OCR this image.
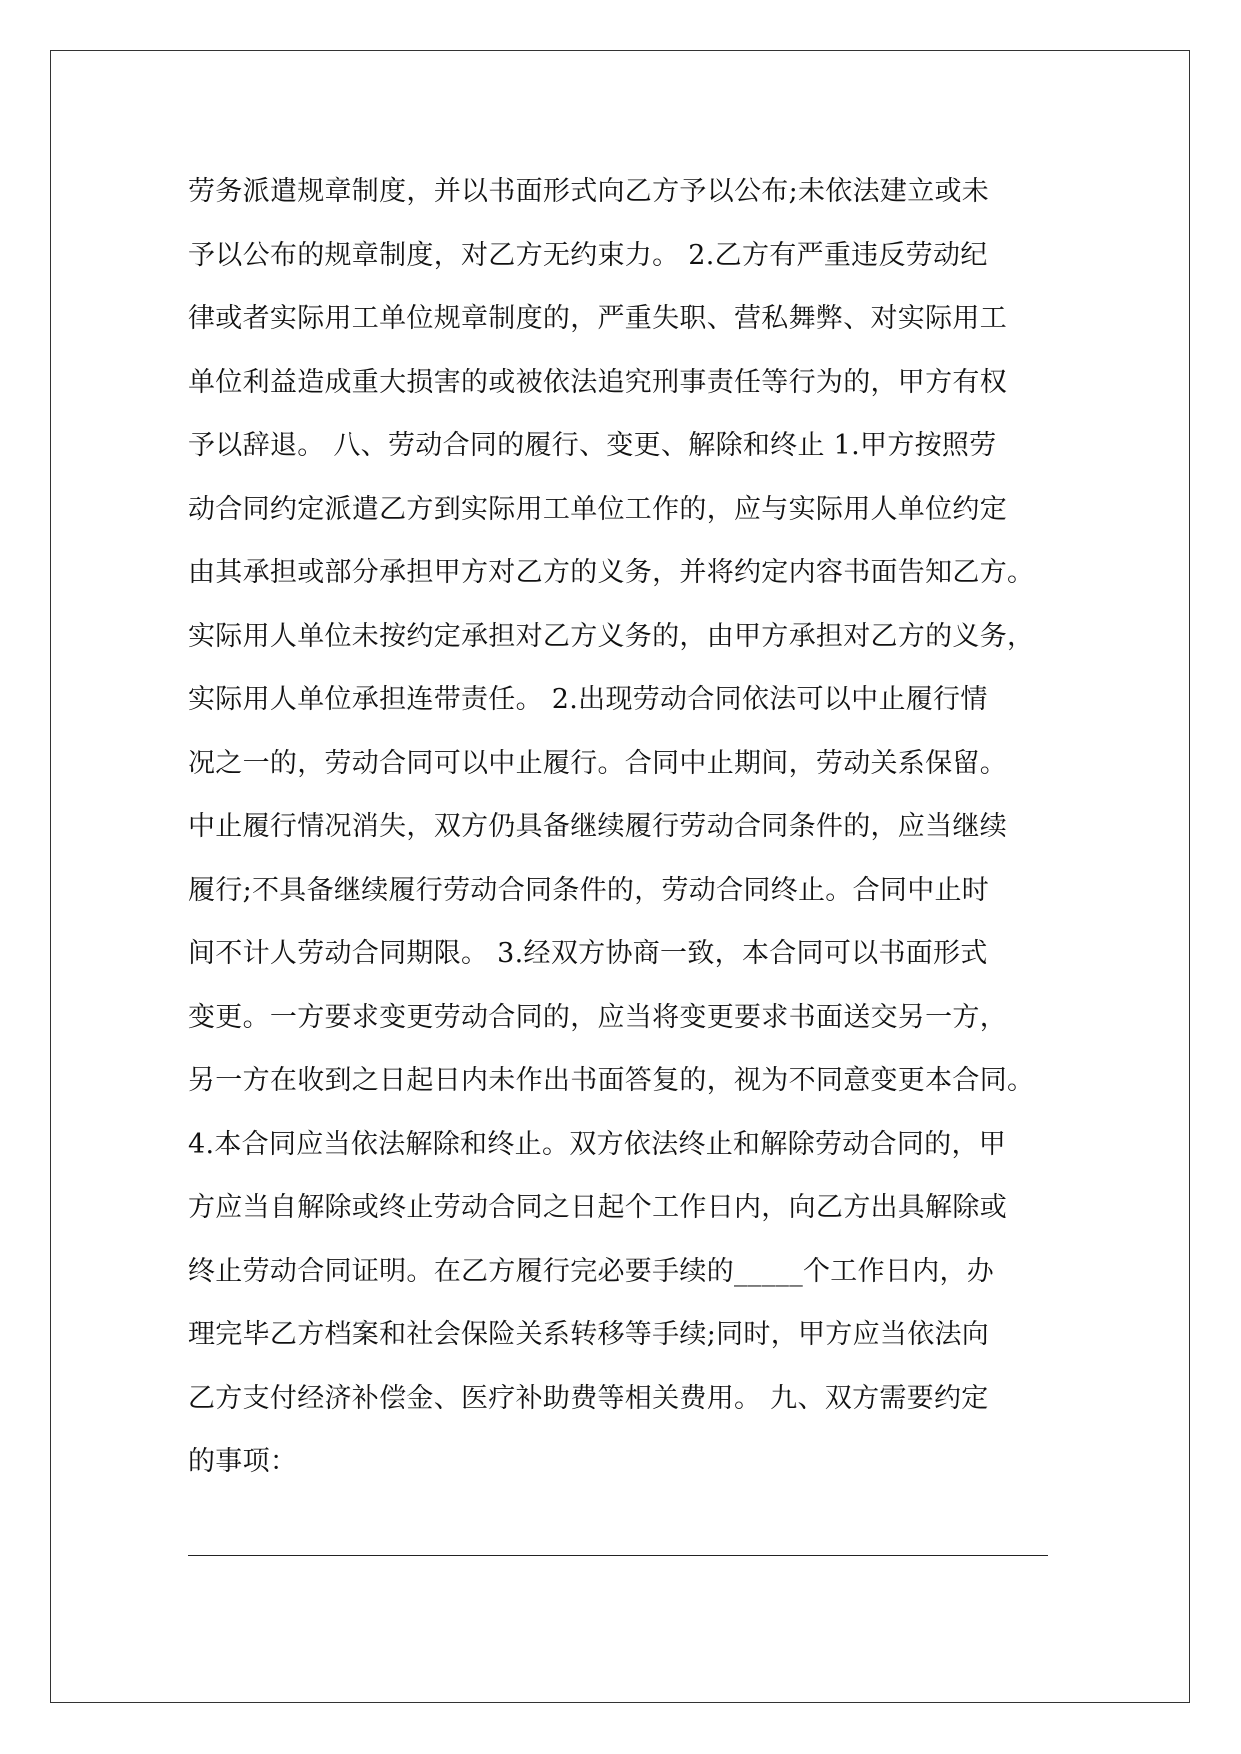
劳务派遣规章制度，并以书面形式向乙方予以公布;未依法建立或未
予以公布的规章制度，对乙方无约束力。 2.乙方有严重违反劳动纪
律或者实际用工单位规章制度的，严重失职、营私舞弊、对实际用工
单位利益造成重大损害的或被依法追究刑事责任等行为的，甲方有权
予以辞退。 八、劳动合同的履行、变更、解除和终止 1.甲方按照劳
动合同约定派遣乙方到实际用工单位工作的，应与实际用人单位约定
由其承担或部分承担甲方对乙方的义务，并将约定内容书面告知乙方。
实际用人单位未按约定承担对乙方义务的，由甲方承担对乙方的义务，
实际用人单位承担连带责任。 2.出现劳动合同依法可以中止履行情
况之一的，劳动合同可以中止履行。合同中止期间，劳动关系保留。
中止履行情况消失，双方仍具备继续履行劳动合同条件的，应当继续
履行;不具备继续履行劳动合同条件的，劳动合同终止。合同中止时
间不计人劳动合同期限。 3.经双方协商一致，本合同可以书面形式
变更。一方要求变更劳动合同的，应当将变更要求书面送交另一方，
另一方在收到之日起日内未作出书面答复的，视为不同意变更本合同。
4.本合同应当依法解除和终止。双方依法终止和解除劳动合同的，甲
方应当自解除或终止劳动合同之日起个工作日内，向乙方出具解除或
终止劳动合同证明。在乙方履行完必要手续的_____个工作日内，办
理完毕乙方档案和社会保险关系转移等手续;同时，甲方应当依法向
乙方支付经济补偿金、医疗补助费等相关费用。 九、双方需要约定
的事项：
